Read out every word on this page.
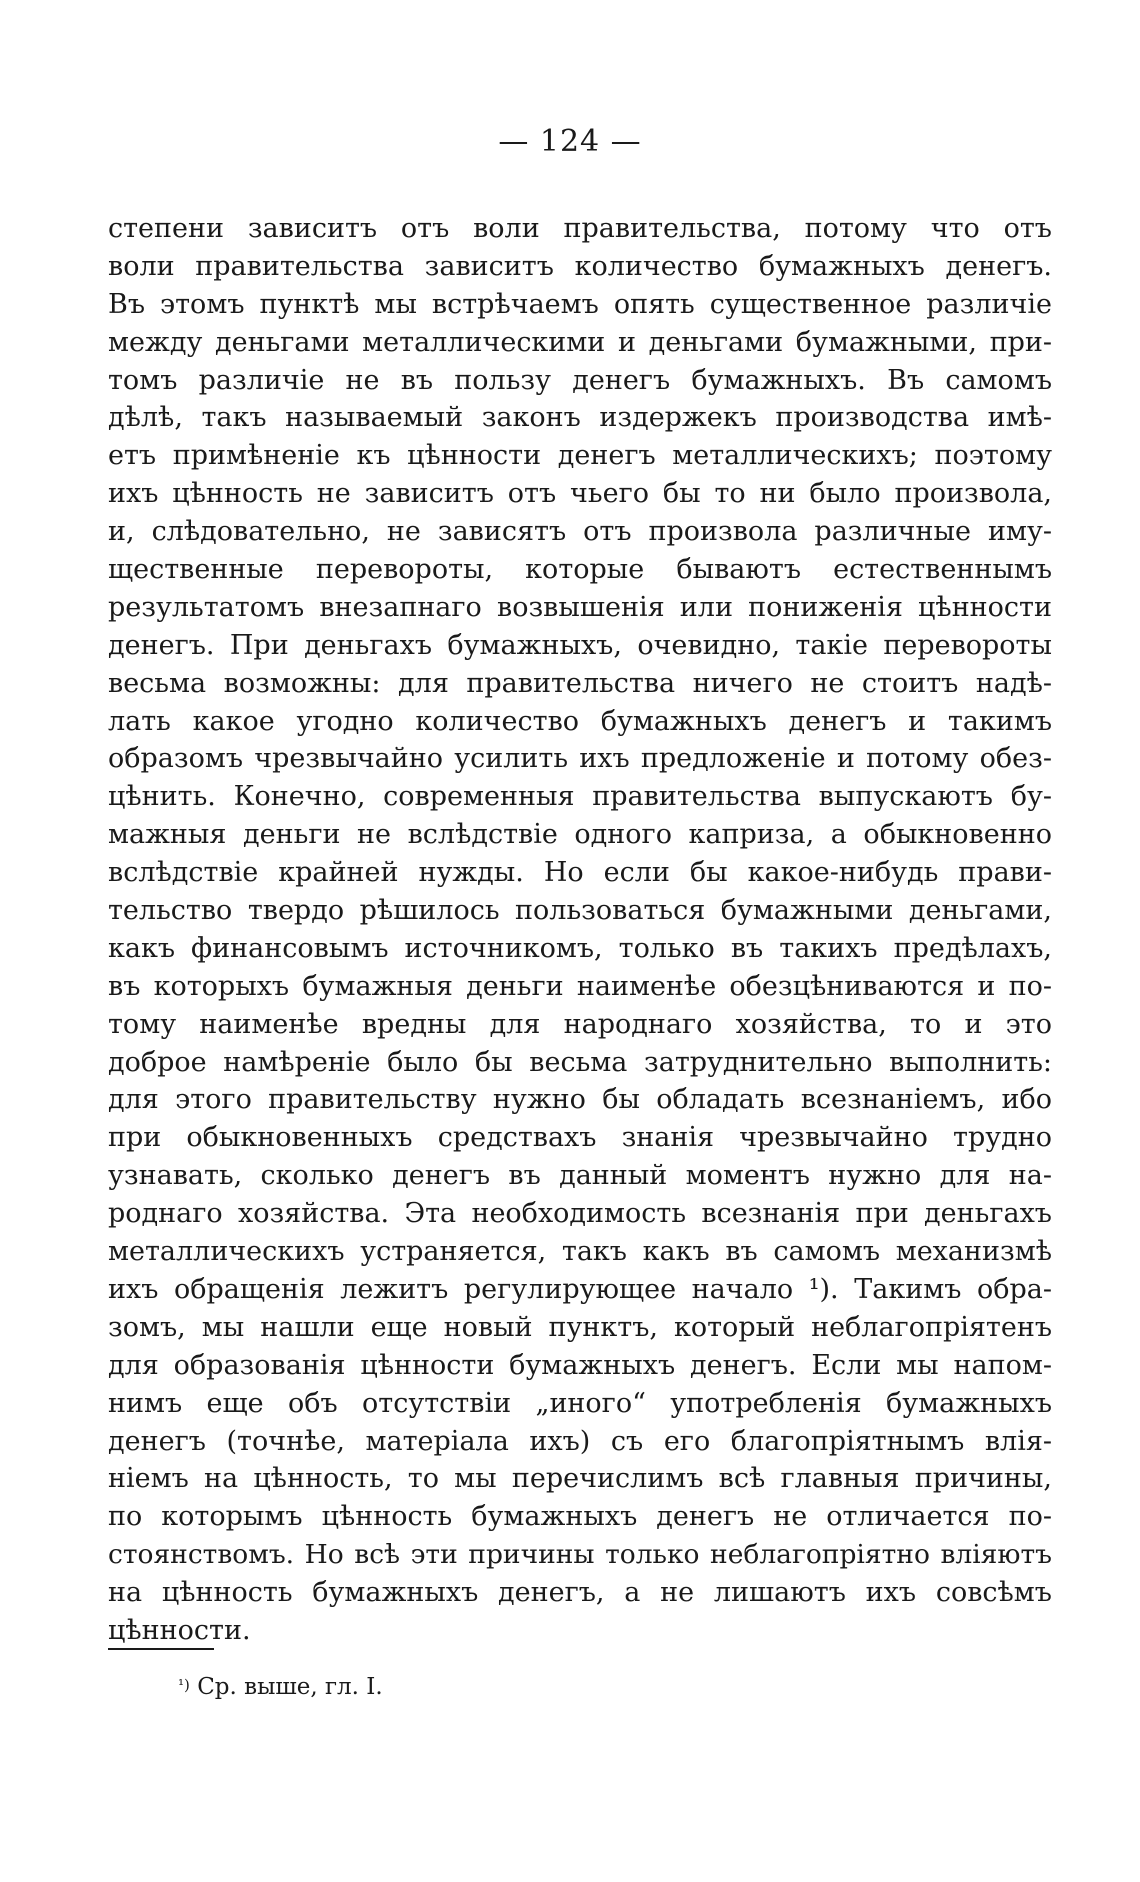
— 124 —
степени зависитъ отъ воли правительства, потому что отъ
воли правительства зависитъ количество бумажныхъ денегъ.
Въ этомъ пунктѣ мы встрѣчаемъ опять существенное различіе
между деньгами металлическими и деньгами бумажными, при-
томъ различіе не въ пользу денегъ бумажныхъ. Въ самомъ
дѣлѣ, такъ называемый законъ издержекъ производства имѣ-
етъ примѣненіе къ цѣнности денегъ металлическихъ; поэтому
ихъ цѣнность не зависитъ отъ чьего бы то ни было произвола,
и, слѣдовательно, не зависятъ отъ произвола различные иму-
щественные перевороты, которые бываютъ естественнымъ
результатомъ внезапнаго возвышенія или пониженія цѣнности
денегъ. При деньгахъ бумажныхъ, очевидно, такіе перевороты
весьма возможны: для правительства ничего не стоитъ надѣ-
лать какое угодно количество бумажныхъ денегъ и такимъ
образомъ чрезвычайно усилить ихъ предложеніе и потому обез-
цѣнить. Конечно, современныя правительства выпускаютъ бу-
мажныя деньги не вслѣдствіе одного каприза, а обыкновенно
вслѣдствіе крайней нужды. Но если бы какое-нибудь прави-
тельство твердо рѣшилось пользоваться бумажными деньгами,
какъ финансовымъ источникомъ, только въ такихъ предѣлахъ,
въ которыхъ бумажныя деньги наименѣе обезцѣниваются и по-
тому наименѣе вредны для народнаго хозяйства, то и это
доброе намѣреніе было бы весьма затруднительно выполнить:
для этого правительству нужно бы обладать всезнаніемъ, ибо
при обыкновенныхъ средствахъ знанія чрезвычайно трудно
узнавать, сколько денегъ въ данный моментъ нужно для на-
роднаго хозяйства. Эта необходимость всезнанія при деньгахъ
металлическихъ устраняется, такъ какъ въ самомъ механизмѣ
ихъ обращенія лежитъ регулирующее начало ¹). Такимъ обра-
зомъ, мы нашли еще новый пунктъ, который неблагопріятенъ
для образованія цѣнности бумажныхъ денегъ. Если мы напом-
нимъ еще объ отсутствіи „иного“ употребленія бумажныхъ
денегъ (точнѣе, матеріала ихъ) съ его благопріятнымъ влія-
ніемъ на цѣнность, то мы перечислимъ всѣ главныя причины,
по которымъ цѣнность бумажныхъ денегъ не отличается по-
стоянствомъ. Но всѣ эти причины только неблагопріятно вліяютъ
на цѣнность бумажныхъ денегъ, а не лишаютъ ихъ совсѣмъ
цѣнности.
$^{^1)}$ Ср. выше, гл. I.
